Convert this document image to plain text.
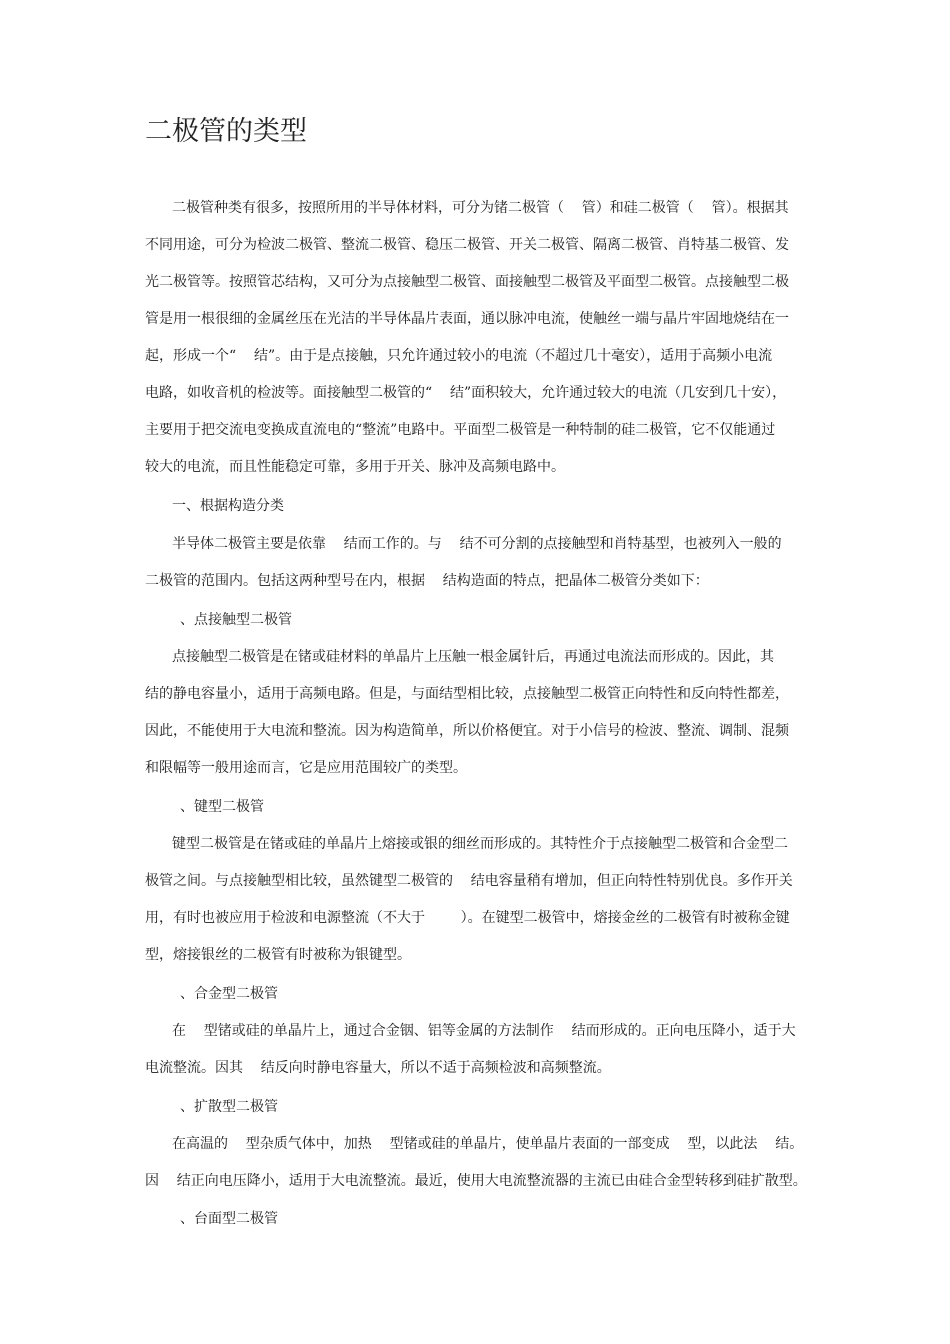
二极管的类型

二极管种类有很多，按照所用的半导体材料，可分为锗二极管（    管）和硅二极管（    管）。根据其

不同用途，可分为检波二极管、整流二极管、稳压二极管、开关二极管、隔离二极管、肖特基二极管、发

光二极管等。按照管芯结构，又可分为点接触型二极管、面接触型二极管及平面型二极管。点接触型二极

管是用一根很细的金属丝压在光洁的半导体晶片表面，通以脉冲电流，使触丝一端与晶片牢固地烧结在一

起，形成一个“    结”。由于是点接触，只允许通过较小的电流（不超过几十毫安），适用于高频小电流

电路，如收音机的检波等。面接触型二极管的“    结”面积较大，允许通过较大的电流（几安到几十安），

主要用于把交流电变换成直流电的“整流”电路中。平面型二极管是一种特制的硅二极管，它不仅能通过

较大的电流，而且性能稳定可靠，多用于开关、脉冲及高频电路中。

一、根据构造分类

半导体二极管主要是依靠    结而工作的。与    结不可分割的点接触型和肖特基型，也被列入一般的

二极管的范围内。包括这两种型号在内，根据    结构造面的特点，把晶体二极管分类如下：

、点接触型二极管

点接触型二极管是在锗或硅材料的单晶片上压触一根金属针后，再通过电流法而形成的。因此，其

结的静电容量小，适用于高频电路。但是，与面结型相比较，点接触型二极管正向特性和反向特性都差，

因此，不能使用于大电流和整流。因为构造简单，所以价格便宜。对于小信号的检波、整流、调制、混频

和限幅等一般用途而言，它是应用范围较广的类型。

、键型二极管

键型二极管是在锗或硅的单晶片上熔接或银的细丝而形成的。其特性介于点接触型二极管和合金型二

极管之间。与点接触型相比较，虽然键型二极管的    结电容量稍有增加，但正向特性特别优良。多作开关

用，有时也被应用于检波和电源整流（不大于        ）。在键型二极管中，熔接金丝的二极管有时被称金键

型，熔接银丝的二极管有时被称为银键型。

、合金型二极管

在    型锗或硅的单晶片上，通过合金铟、铝等金属的方法制作    结而形成的。正向电压降小，适于大

电流整流。因其    结反向时静电容量大，所以不适于高频检波和高频整流。

、扩散型二极管

在高温的    型杂质气体中，加热    型锗或硅的单晶片，使单晶片表面的一部变成    型，以此法    结。

因    结正向电压降小，适用于大电流整流。最近，使用大电流整流器的主流已由硅合金型转移到硅扩散型。

、台面型二极管
